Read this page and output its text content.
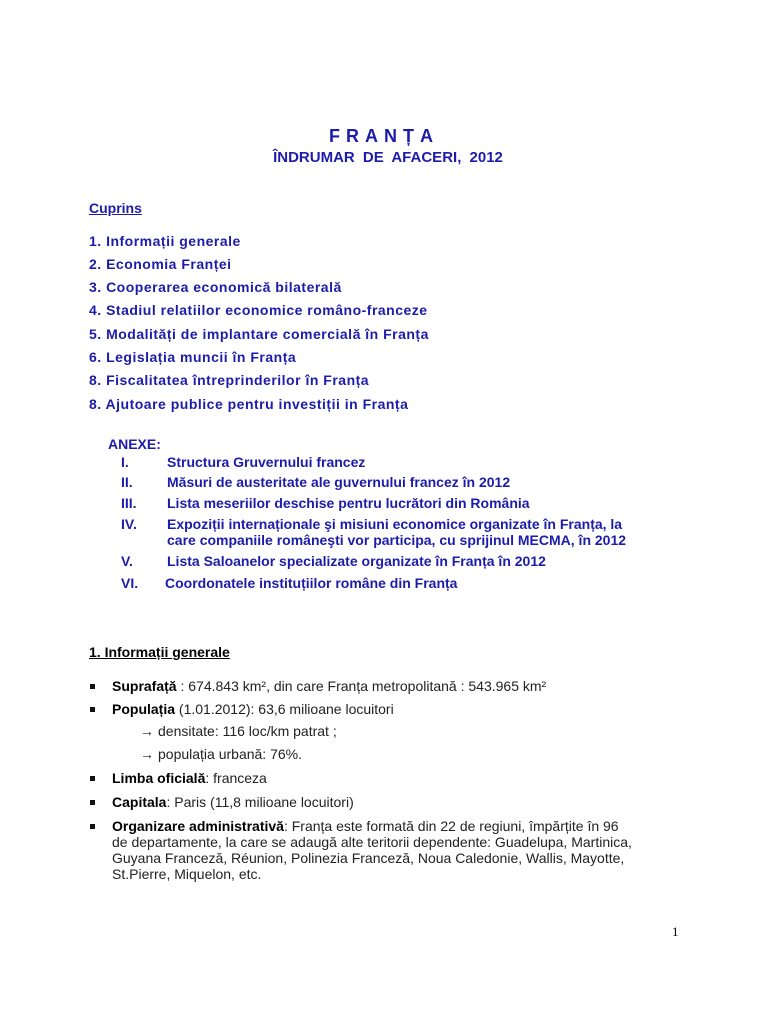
FRANȚA
ÎNDRUMAR DE AFACERI, 2012
Cuprins
1. Informații generale
2. Economia Franței
3. Cooperarea economică bilaterală
4. Stadiul relatiilor economice româno-franceze
5. Modalități de implantare comercială în Franța
6. Legislația muncii în Franța
8. Fiscalitatea întreprinderilor în Franța
8. Ajutoare publice pentru investiții in Franța
ANEXE:
I.	Structura Gruvernului francez
II. Măsuri de austeritate ale guvernului francez în 2012
III. Lista meseriilor deschise pentru lucrători din România
IV. Expoziții internaționale şi misiuni economice organizate în Franța, la
care companiile româneşti vor participa, cu sprijinul MECMA, în 2012
V. Lista Saloanelor specializate organizate în Franța în 2012
VI. Coordonatele instituțiilor române din Franța
1. Informații generale
Suprafață : 674.843 km², din care Franța metropolitană : 543.965 km²
Populația (1.01.2012): 63,6 milioane locuitori
→ densitate: 116 loc/km patrat ;
→ populația urbană: 76%.
Limba oficială: franceza
Capitala: Paris (11,8 milioane locuitori)
Organizare administrativă: Franța este formată din 22 de regiuni, împărțite în 96
de departamente, la care se adaugă alte teritorii dependente: Guadelupa, Martinica,
Guyana Franceză, Réunion, Polinezia Franceză, Noua Caledonie, Wallis, Mayotte,
St.Pierre, Miquelon, etc.
1
